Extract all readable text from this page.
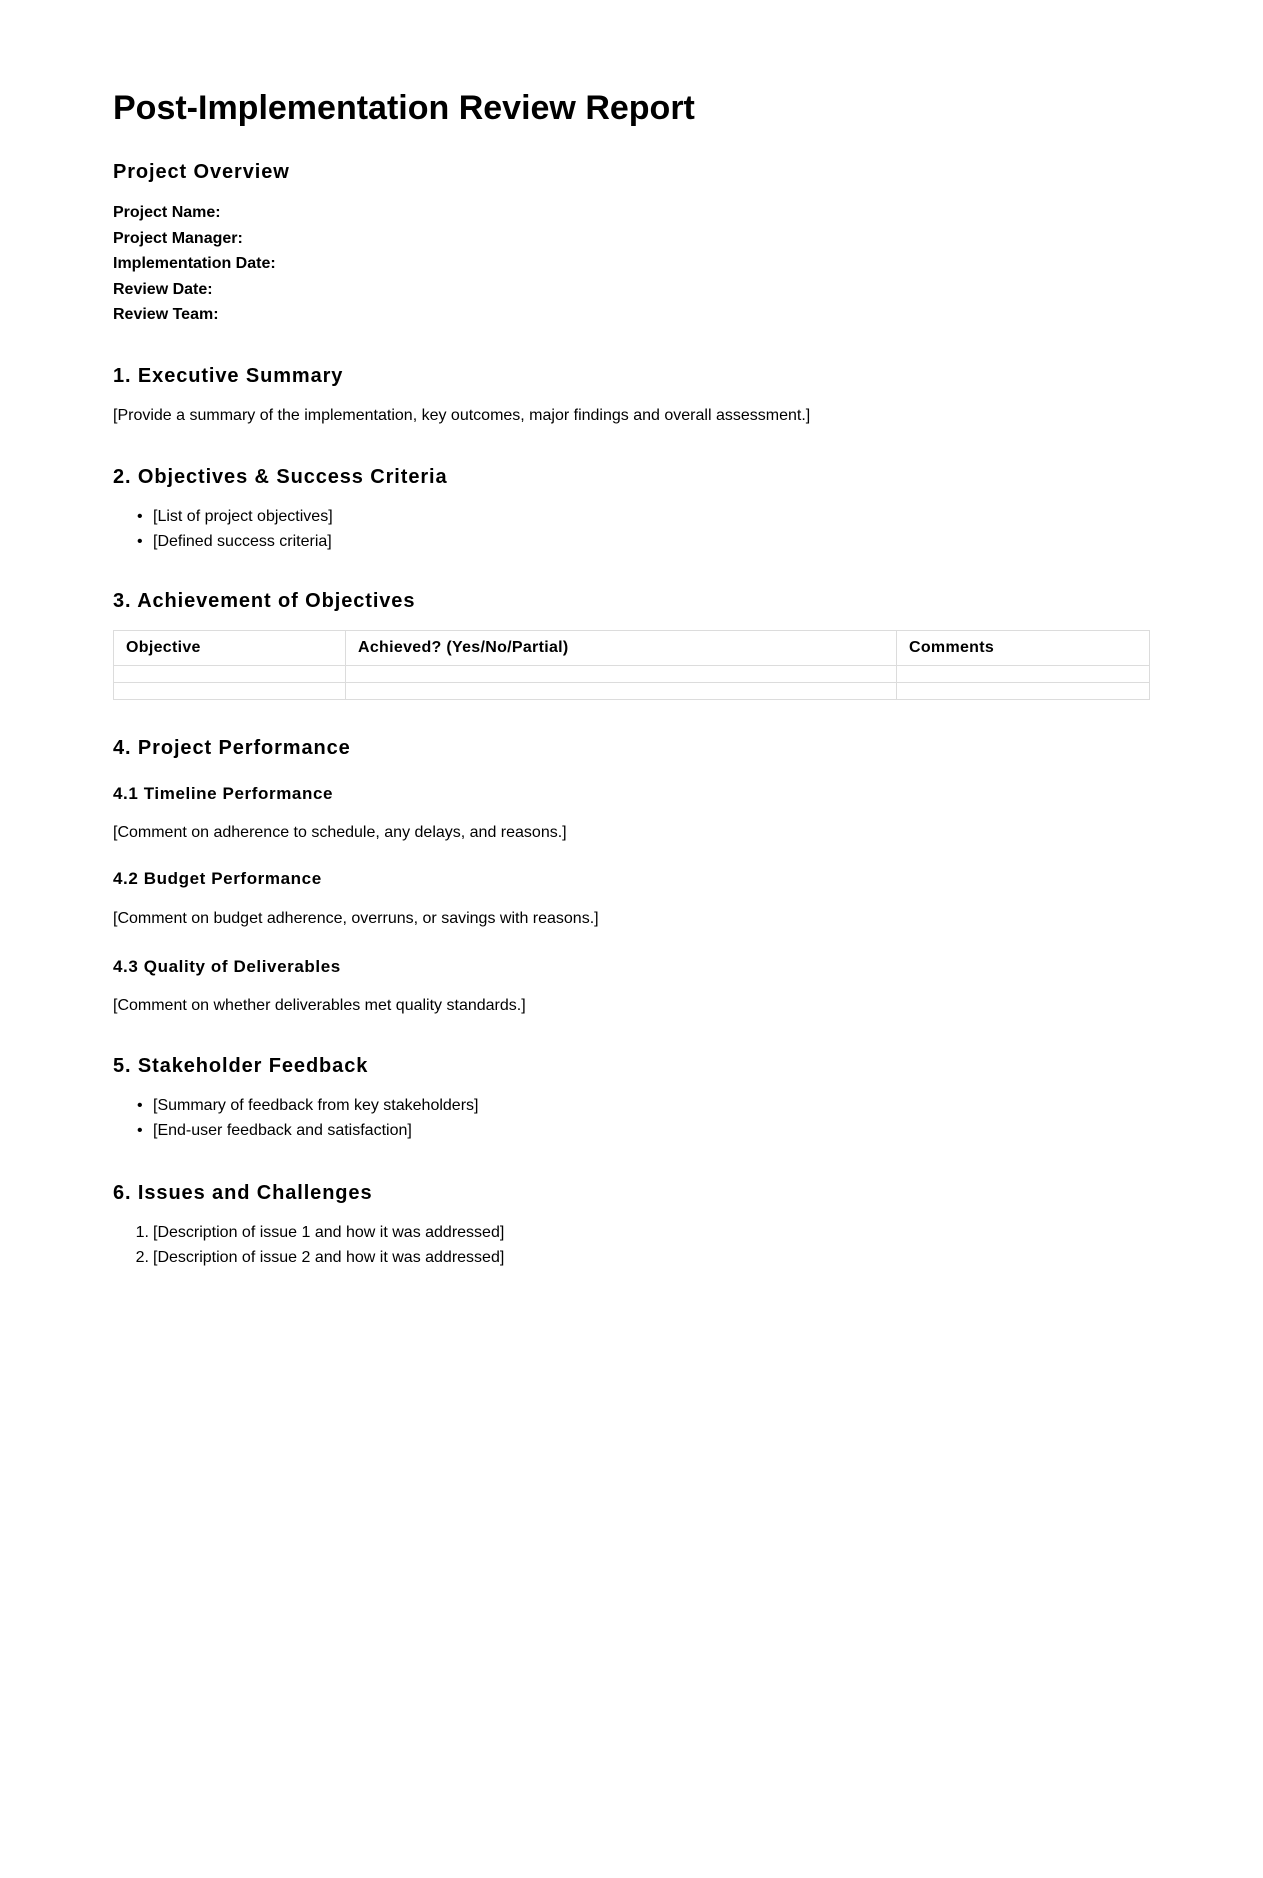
Post-Implementation Review Report
Project Overview
Project Name:
Project Manager:
Implementation Date:
Review Date:
Review Team:
1. Executive Summary

[Provide a summary of the implementation, key outcomes, major findings and overall assessment.]

2. Objectives & Success Criteria
• [List of project objectives]
• [Defined success criteria]
3. Achievement of Objectives
Objective	Achieved? (Yes/No/Partial)	Comments

4. Project Performance
4.1 Timeline Performance

[Comment on adherence to schedule, any delays, and reasons.]

4.2 Budget Performance

[Comment on budget adherence, overruns, or savings with reasons.]

4.3 Quality of Deliverables

[Comment on whether deliverables met quality standards.]

5. Stakeholder Feedback
• [Summary of feedback from key stakeholders]
• [End-user feedback and satisfaction]
6. Issues and Challenges
1. [Description of issue 1 and how it was addressed]
2. [Description of issue 2 and how it was addressed]
